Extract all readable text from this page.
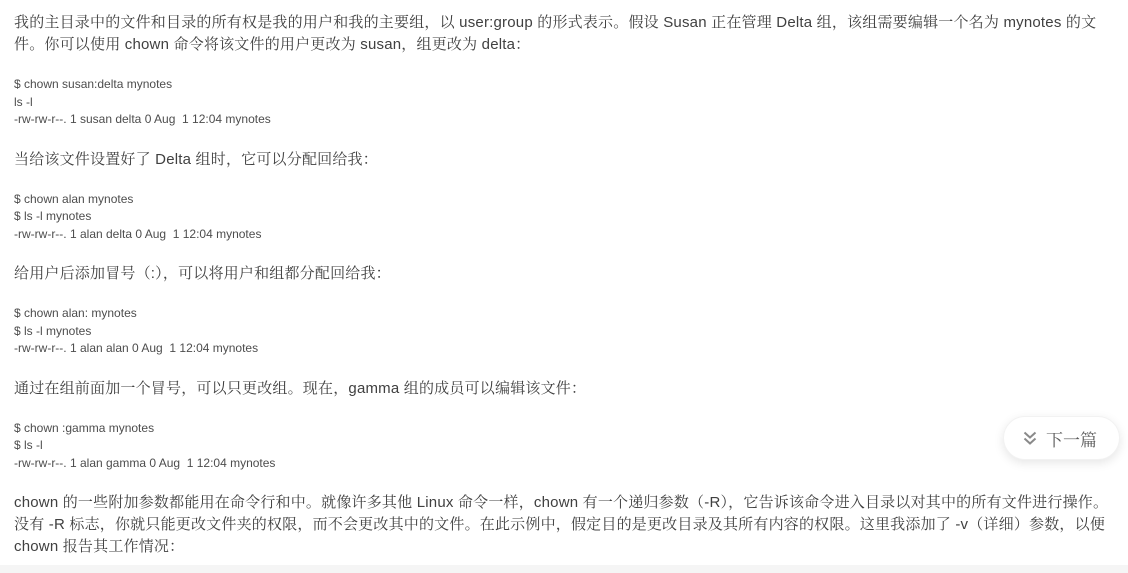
我的主目录中的文件和目录的所有权是我的用户和我的主要组，以 user:group 的形式表示。假设 Susan 正在管理 Delta 组，该组需要编辑一个名为 mynotes 的文件。你可以使用 chown 命令将该文件的用户更改为 susan，组更改为 delta：

$ chown susan:delta mynotes
ls -l
-rw-rw-r--. 1 susan delta 0 Aug  1 12:04 mynotes

当给该文件设置好了 Delta 组时，它可以分配回给我：

$ chown alan mynotes
$ ls -l mynotes
-rw-rw-r--. 1 alan delta 0 Aug  1 12:04 mynotes

给用户后添加冒号（:），可以将用户和组都分配回给我：

$ chown alan: mynotes
$ ls -l mynotes
-rw-rw-r--. 1 alan alan 0 Aug  1 12:04 mynotes

通过在组前面加一个冒号，可以只更改组。现在，gamma 组的成员可以编辑该文件：

$ chown :gamma mynotes
$ ls -l
-rw-rw-r--. 1 alan gamma 0 Aug  1 12:04 mynotes

chown 的一些附加参数都能用在命令行和中。就像许多其他 Linux 命令一样，chown 有一个递归参数（-R），它告诉该命令进入目录以对其中的所有文件进行操作。没有 -R 标志，你就只能更改文件夹的权限，而不会更改其中的文件。在此示例中，假定目的是更改目录及其所有内容的权限。这里我添加了 -v（详细）参数，以便 chown 报告其工作情况：

下一篇
